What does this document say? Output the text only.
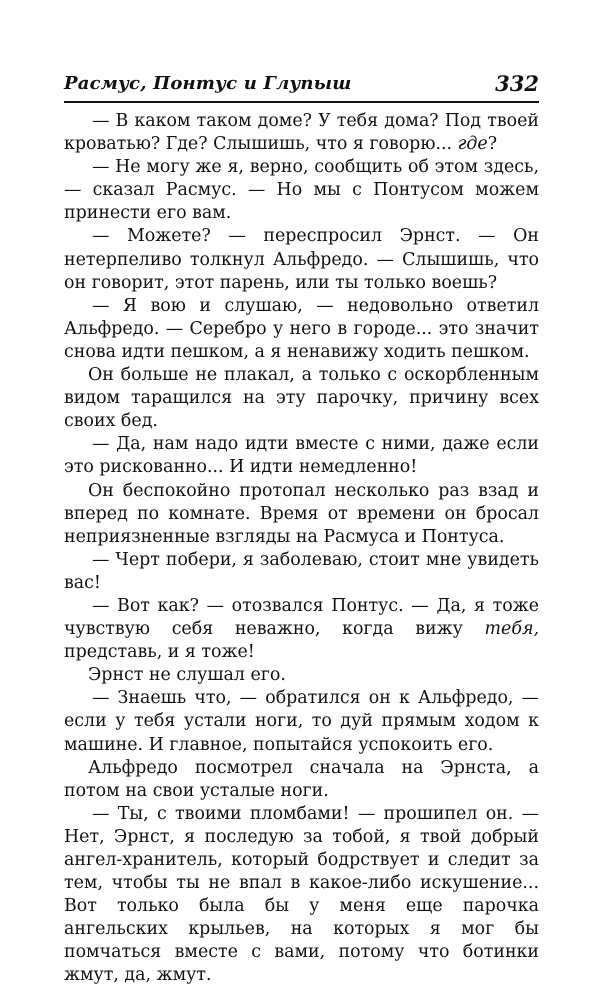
Расмус, Понтус и Глупыш	332

— В каком таком доме? У тебя дома? Под твоей кроватью? Где? Слышишь, что я говорю... где?

— Не могу же я, верно, сообщить об этом здесь, — сказал Расмус. — Но мы с Понтусом можем принести его вам.

— Можете? — переспросил Эрнст. — Он нетерпеливо толкнул Альфредо. — Слышишь, что он говорит, этот парень, или ты только воешь?

— Я вою и слушаю, — недовольно ответил Альфредо. — Серебро у него в городе... это значит снова идти пешком, а я ненавижу ходить пешком.

Он больше не плакал, а только с оскорбленным видом таращился на эту парочку, причину всех своих бед.

— Да, нам надо идти вместе с ними, даже если это рискованно... И идти немедленно!

Он беспокойно протопал несколько раз взад и вперед по комнате. Время от времени он бросал неприязненные взгляды на Расмуса и Понтуса.

— Черт побери, я заболеваю, стоит мне увидеть вас!

— Вот как? — отозвался Понтус. — Да, я тоже чувствую себя неважно, когда вижу тебя, представь, и я тоже!

Эрнст не слушал его.

— Знаешь что, — обратился он к Альфредо, — если у тебя устали ноги, то дуй прямым ходом к машине. И главное, попытайся успокоить его.

Альфредо посмотрел сначала на Эрнста, а потом на свои усталые ноги.

— Ты, с твоими пломбами! — прошипел он. — Нет, Эрнст, я последую за тобой, я твой добрый ангел-хранитель, который бодрствует и следит за тем, чтобы ты не впал в какое-либо искушение... Вот только была бы у меня еще парочка ангельских крыльев, на которых я мог бы помчаться вместе с вами, потому что ботинки жмут, да, жмут.
